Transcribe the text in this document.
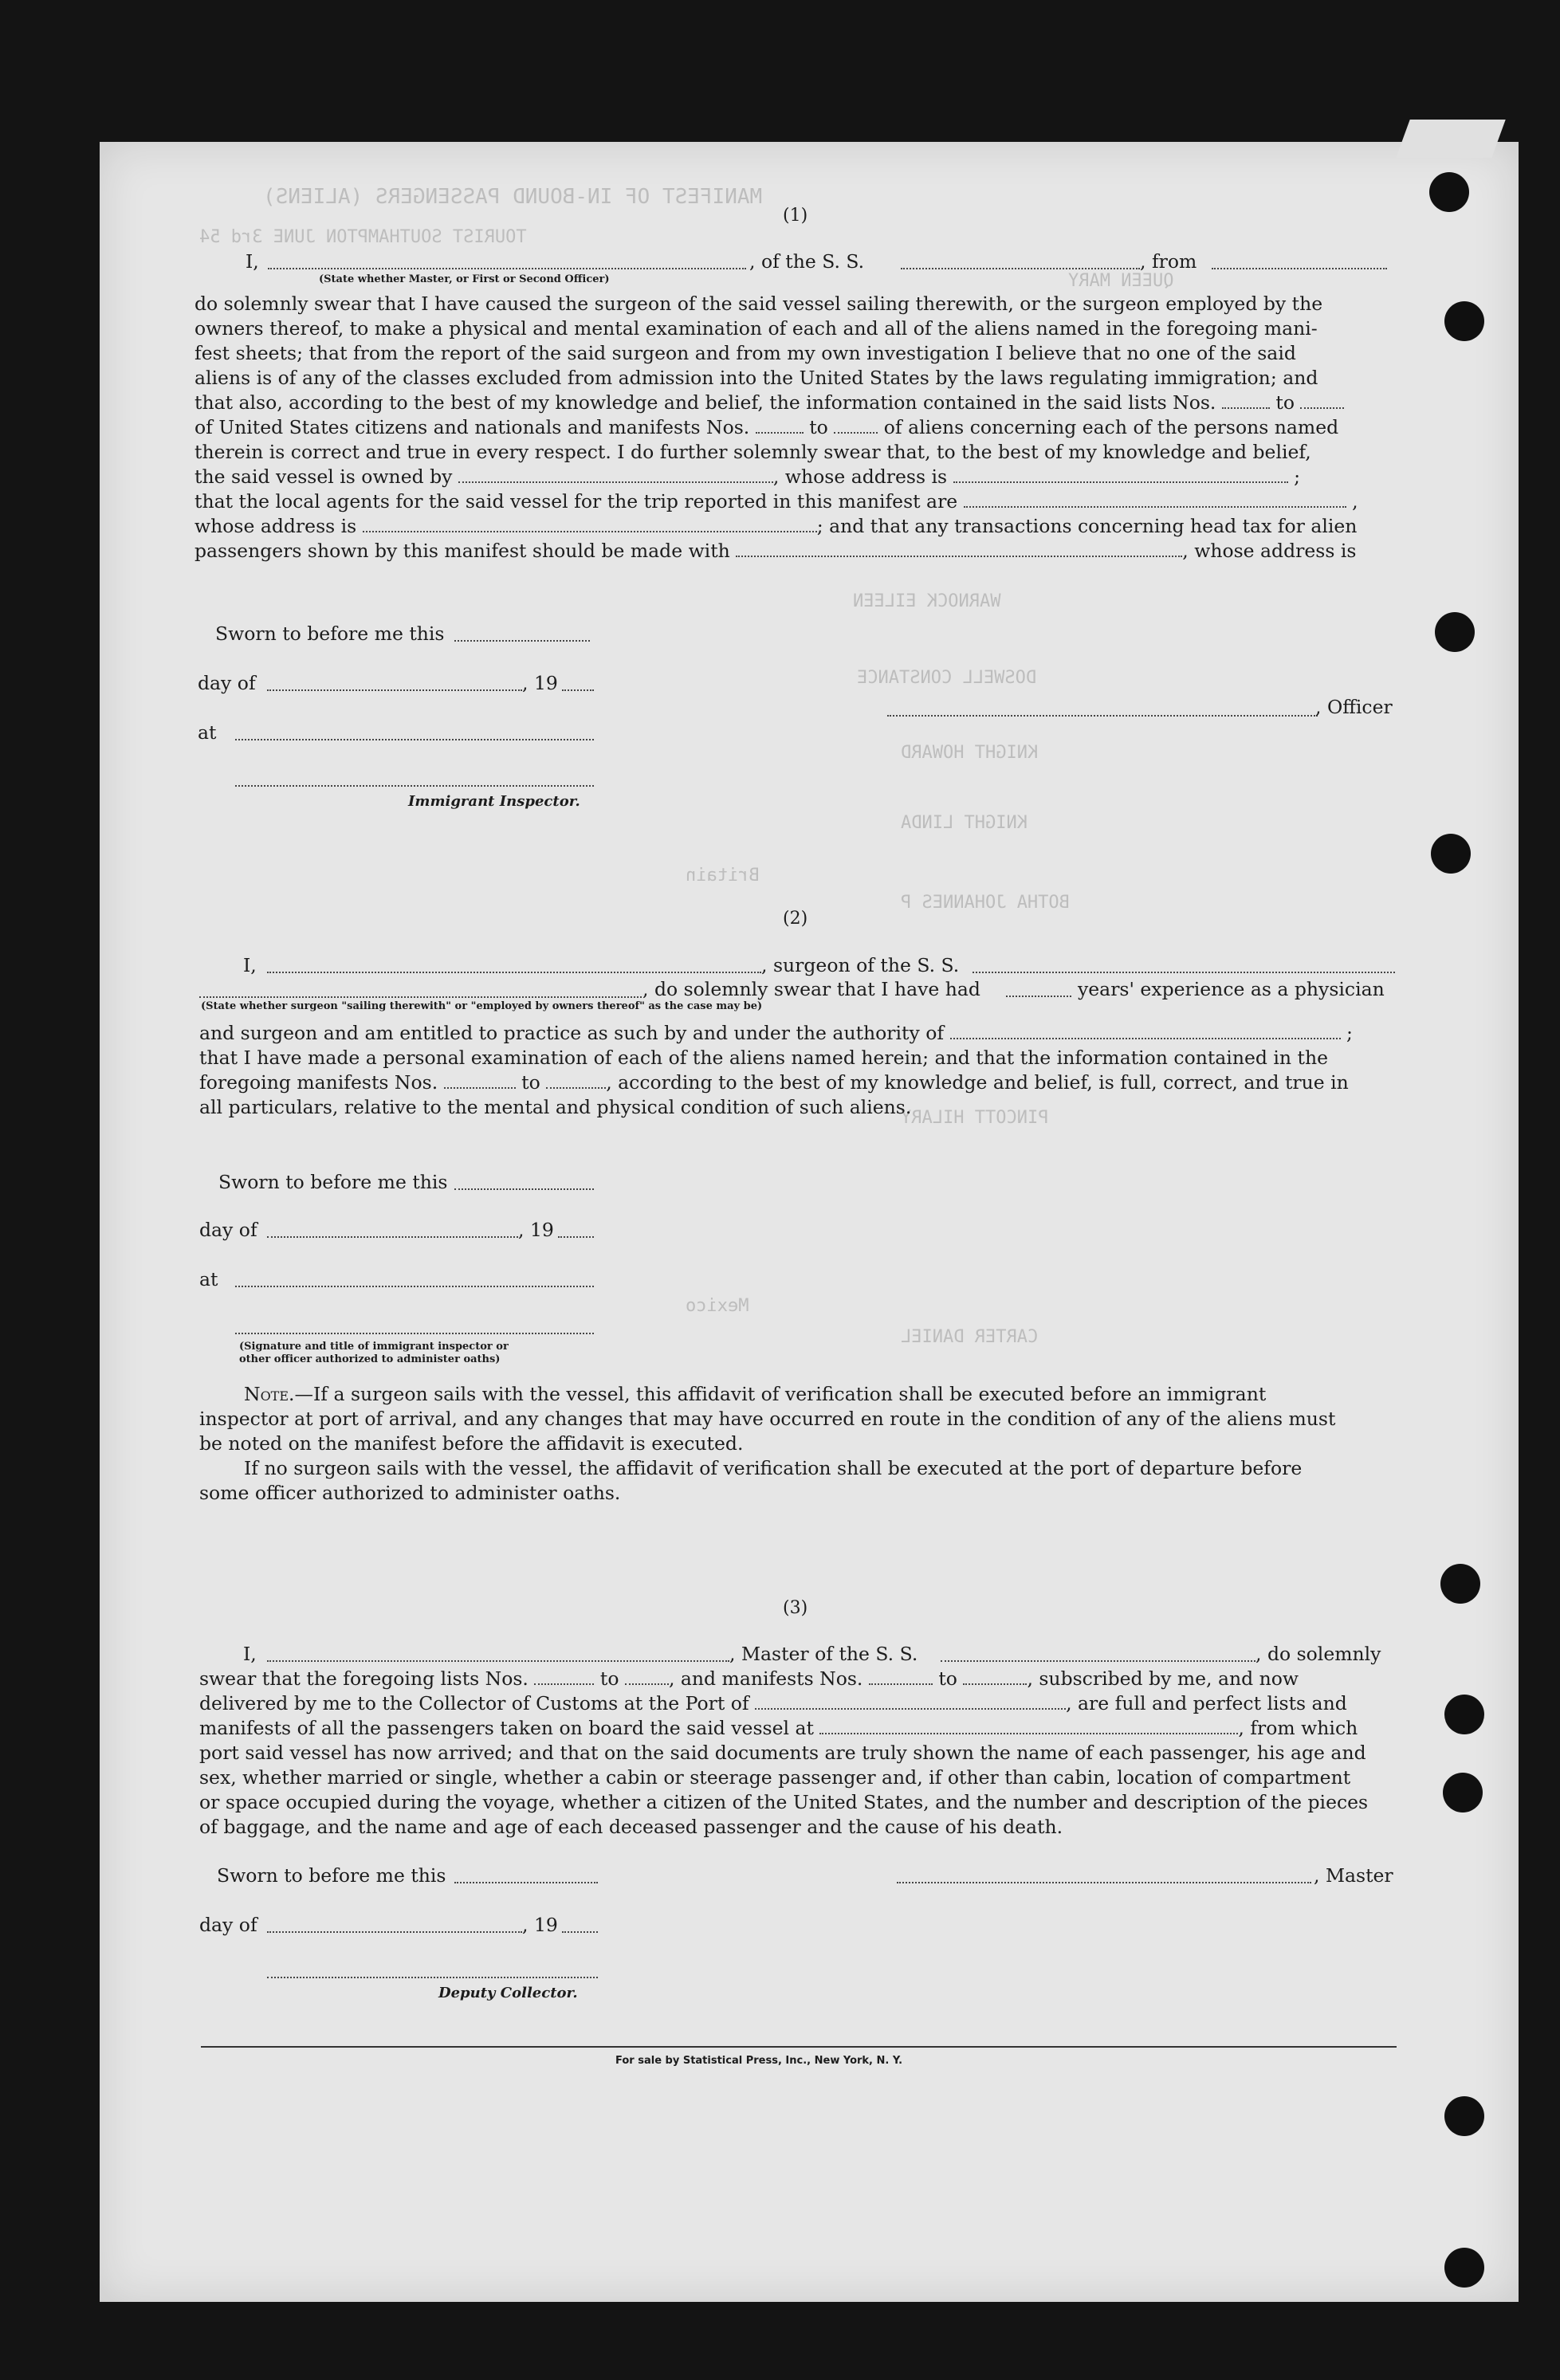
MANIFEST OF IN-BOUND PASSENGERS (ALIENS)
TOURIST SOUTHAMPTON JUNE 3rd 54
QUEEN MARY
WARNOCK EILEEN
DOSWELL CONSTANCE
KNIGHT HOWARD
KNIGHT LINDA
BOTHA JOHANNES P
PINCOTT HILARY
CARTER DANIEL
Britain
Mexico
(1)
I,
(State whether Master, or First or Second Officer)
, of the S. S.	, from
do solemnly swear that I have caused the surgeon of the said vessel sailing therewith, or the surgeon employed by the
owners thereof, to make a physical and mental examination of each and all of the aliens named in the foregoing mani-
fest sheets; that from the report of the said surgeon and from my own investigation I believe that no one of the said
aliens is of any of the classes excluded from admission into the United States by the laws regulating immigration; and
that also, according to the best of my knowledge and belief, the information contained in the said lists Nos.	to
of United States citizens and nationals and manifests Nos.	to	of aliens concerning each of the persons named
therein is correct and true in every respect. I do further solemnly swear that, to the best of my knowledge and belief,
the said vessel is owned by	, whose address is	;
that the local agents for the said vessel for the trip reported in this manifest are	,
whose address is	; and that any transactions concerning head tax for alien
passengers shown by this manifest should be made with	, whose address is
Sworn to before me this
day of	, 19
at
Immigrant Inspector.
, Officer
(2)
I,	, surgeon of the S. S.
(State whether surgeon "sailing therewith" or "employed by owners thereof" as the case may be)
, do solemnly swear that I have had	years' experience as a physician
and surgeon and am entitled to practice as such by and under the authority of	;
that I have made a personal examination of each of the aliens named herein; and that the information contained in the
foregoing manifests Nos.	to	, according to the best of my knowledge and belief, is full, correct, and true in
all particulars, relative to the mental and physical condition of such aliens.
Sworn to before me this
day of	, 19
at
(Signature and title of immigrant inspector or
other officer authorized to administer oaths)
Note.—If a surgeon sails with the vessel, this affidavit of verification shall be executed before an immigrant
inspector at port of arrival, and any changes that may have occurred en route in the condition of any of the aliens must
be noted on the manifest before the affidavit is executed.
If no surgeon sails with the vessel, the affidavit of verification shall be executed at the port of departure before
some officer authorized to administer oaths.
(3)
I,	, Master of the S. S.	, do solemnly
swear that the foregoing lists Nos.	to	, and manifests Nos.	to	, subscribed by me, and now
delivered by me to the Collector of Customs at the Port of	, are full and perfect lists and
manifests of all the passengers taken on board the said vessel at	, from which
port said vessel has now arrived; and that on the said documents are truly shown the name of each passenger, his age and
sex, whether married or single, whether a cabin or steerage passenger and, if other than cabin, location of compartment
or space occupied during the voyage, whether a citizen of the United States, and the number and description of the pieces
of baggage, and the name and age of each deceased passenger and the cause of his death.
Sworn to before me this	, Master
day of	, 19
Deputy Collector.
For sale by Statistical Press, Inc., New York, N. Y.
